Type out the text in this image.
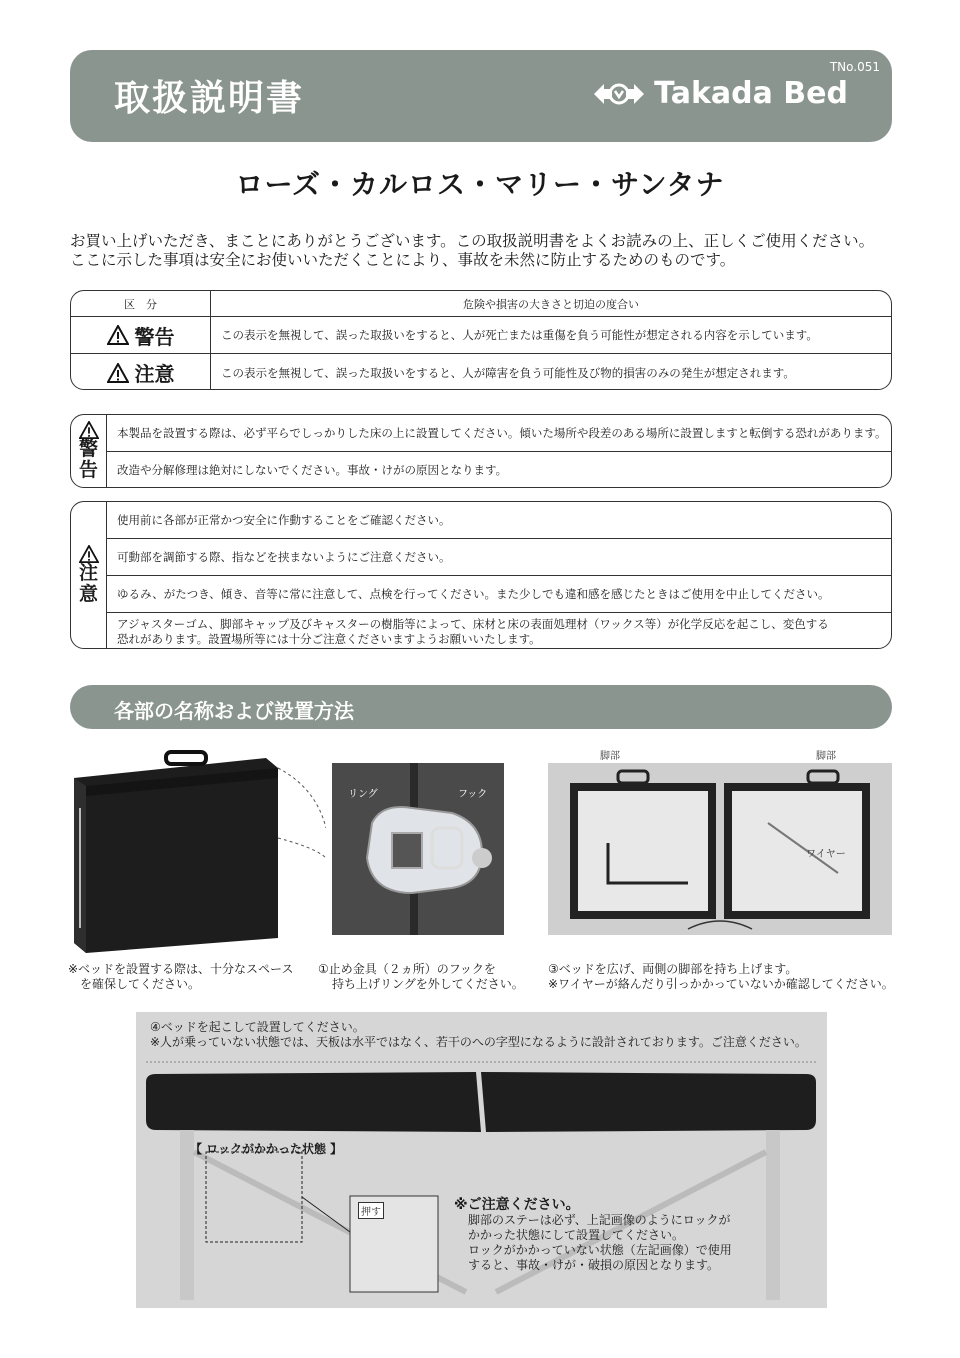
取扱説明書
TNo.051
Takada Bed
ローズ・カルロス・マリー・サンタナ
お買い上げいただき、まことにありがとうございます。この取扱説明書をよくお読みの上、正しくご使用ください。
ここに示した事項は安全にお使いいただくことにより、事故を未然に防止するためのものです。
区　分	危険や損害の大きさと切迫の度合い
警告	この表示を無視して、誤った取扱いをすると、人が死亡または重傷を負う可能性が想定される内容を示しています。
注意	この表示を無視して、誤った取扱いをすると、人が障害を負う可能性及び物的損害のみの発生が想定されます。
警
告
本製品を設置する際は、必ず平らでしっかりした床の上に設置してください。傾いた場所や段差のある場所に設置しますと転倒する恐れがあります。
改造や分解修理は絶対にしないでください。事故・けがの原因となります。
注
意
使用前に各部が正常かつ安全に作動することをご確認ください。
可動部を調節する際、指などを挟まないようにご注意ください。
ゆるみ、がたつき、傾き、音等に常に注意して、点検を行ってください。また少しでも違和感を感じたときはご使用を中止してください。
アジャスターゴム、脚部キャップ及びキャスターの樹脂等によって、床材と床の表面処理材（ワックス等）が化学反応を起こし、変色する
恐れがあります。設置場所等には十分ご注意くださいますようお願いいたします。
各部の名称および設置方法
リング	フック
脚部	脚部
ワイヤー
※ベッドを設置する際は、十分なスペース
を確保してください。
①止め金具（２ヵ所）のフックを
持ち上げリングを外してください。
③ベッドを広げ、両側の脚部を持ち上げます。
※ワイヤーが絡んだり引っかかっていないか確認してください。
④ベッドを起こして設置してください。
※人が乗っていない状態では、天板は水平ではなく、若干のへの字型になるように設計されております。ご注意ください。
【 ロックがかかった状態 】
押す	※ご注意ください。
脚部のステーは必ず、上記画像のようにロックが
かかった状態にして設置してください。
ロックがかかっていない状態（左記画像）で使用
すると、事故・けが・破損の原因となります。
